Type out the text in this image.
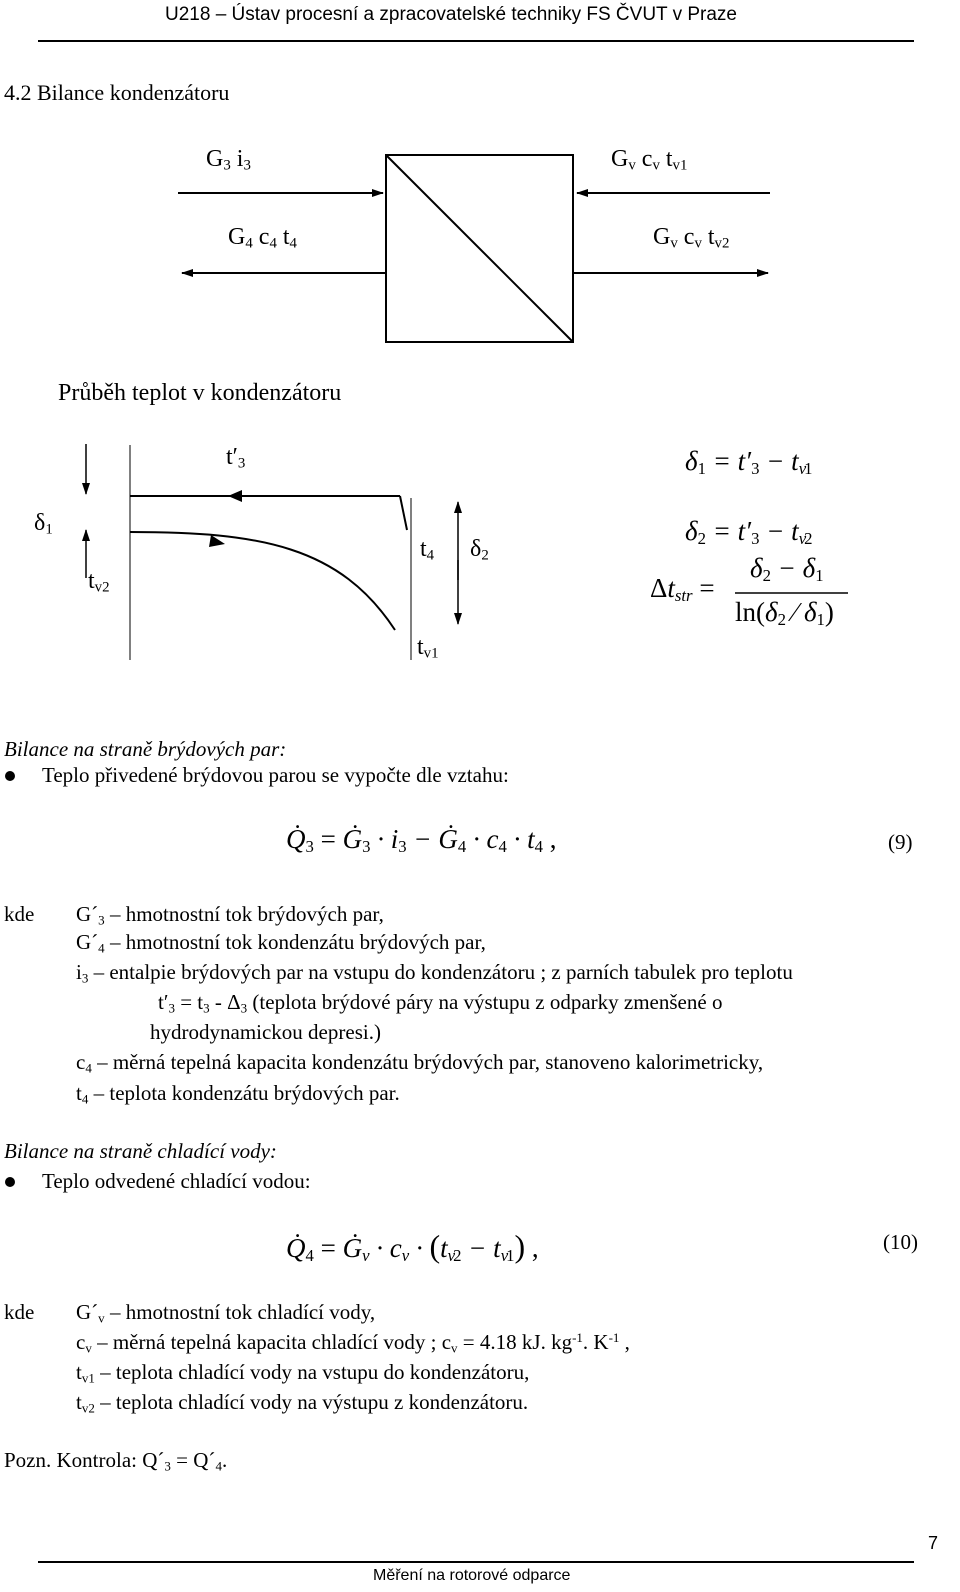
U218 – Ústav procesní a zpracovatelské techniky FS ČVUT v Praze
4.2 Bilance kondenzátoru
$G_3$ $i_3$
$G_4$ $c_4$ $t_4$
$G_v$ $c_v$ $t_{v1}$
$G_v$ $c_v$ $t_{v2}$
Průběh teplot v kondenzátoru
$t'_3$
$\delta_1$
$t_{v2}$
$t_4$ $\delta_2$
$t_{v1}$
$\delta_1 = t'_3 - t_{v1}$
$\delta_2 = t'_3 - t_{v2}$
$\Delta t_{str}$ =
$\delta_2 - \delta_1$
$\ln(\delta_2$ ⁄ $\delta_1$)
Bilance na straně brýdových par:
Teplo přivedené brýdovou parou se vypočte dle vztahu:
$Q̇_3$ = $Ġ_3 \cdot i_3$ − $Ġ_4 \cdot c_4 \cdot t_4$ ,	(9)
kde $G´_3$ – hmotnostní tok brýdových par,
$G´_4$ – hmotnostní tok kondenzátu brýdových par,
$i_3$ – entalpie brýdových par na vstupu do kondenzátoru ; z parních tabulek pro teplotu
$t'_3 = t_3 - \Delta_3$ (teplota brýdové páry na výstupu z odparky zmenšené o
hydrodynamickou depresi.)
$c_4$ – měrná tepelná kapacita kondenzátu brýdových par, stanoveno kalorimetricky,
$t_4$ – teplota kondenzátu brýdových par.
Bilance na straně chladící vody:
Teplo odvedené chladící vodou:
$Q̇_4$ = $Ġ_v \cdot c_v \cdot (t_{v2} - t_{v1})$ ,	(10)
kde $G´_v$ – hmotnostní tok chladící vody,
$c_v$ – měrná tepelná kapacita chladící vody ; $c_v = 4.18$ kJ. $kg^{-1}$. $K^{-1}$ ,
$t_{v1}$ – teplota chladící vody na vstupu do kondenzátoru,
$t_{v2}$ – teplota chladící vody na výstupu z kondenzátoru.
Pozn. Kontrola: $Q´_3$ = $Q´_4$.
Měření na rotorové odparce
7
